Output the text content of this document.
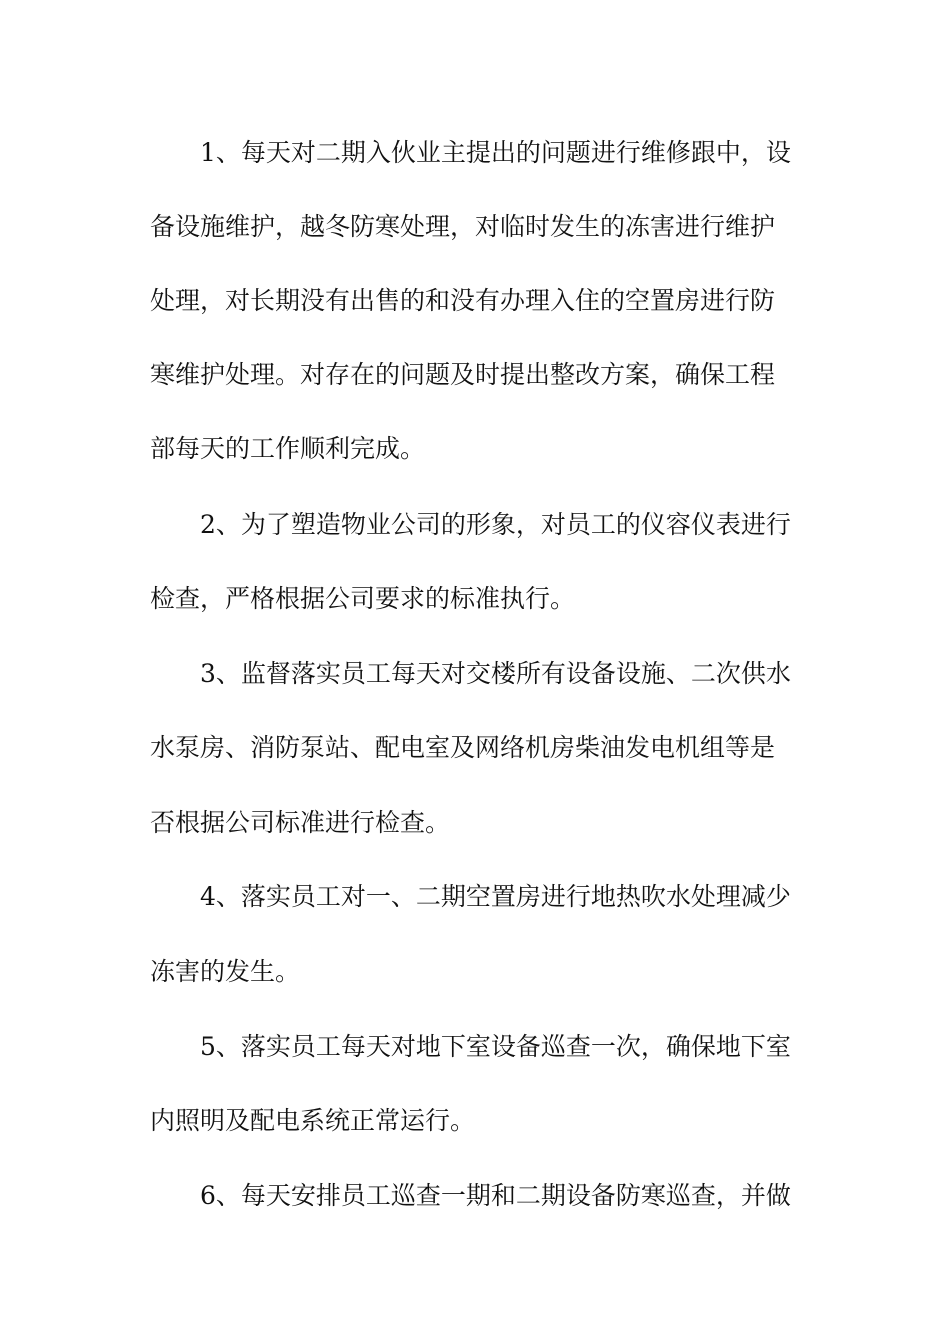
1、每天对二期入伙业主提出的问题进行维修跟中，设
备设施维护，越冬防寒处理，对临时发生的冻害进行维护
处理，对长期没有出售的和没有办理入住的空置房进行防
寒维护处理。对存在的问题及时提出整改方案，确保工程
部每天的工作顺利完成。
2、为了塑造物业公司的形象，对员工的仪容仪表进行
检查，严格根据公司要求的标准执行。
3、监督落实员工每天对交楼所有设备设施、二次供水
水泵房、消防泵站、配电室及网络机房柴油发电机组等是
否根据公司标准进行检查。
4、落实员工对一、二期空置房进行地热吹水处理减少
冻害的发生。
5、落实员工每天对地下室设备巡查一次，确保地下室
内照明及配电系统正常运行。
6、每天安排员工巡查一期和二期设备防寒巡查，并做
